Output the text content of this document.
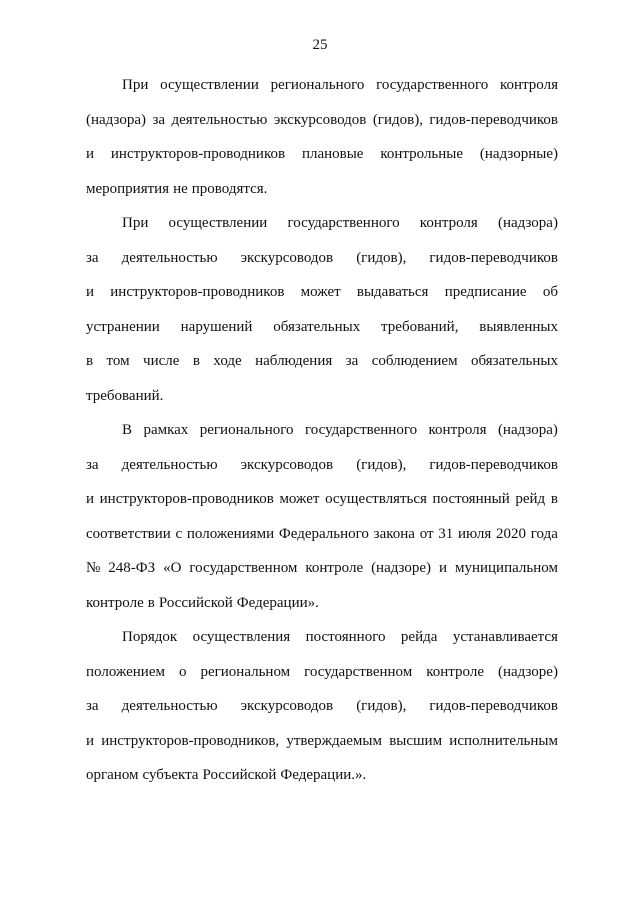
25
При осуществлении регионального государственного контроля
(надзора) за деятельностью экскурсоводов (гидов), гидов-переводчиков
и инструкторов-проводников плановые контрольные (надзорные)
мероприятия не проводятся.
При осуществлении государственного контроля (надзора)
за деятельностью экскурсоводов (гидов), гидов-переводчиков
и инструкторов-проводников может выдаваться предписание об
устранении нарушений обязательных требований, выявленных
в том числе в ходе наблюдения за соблюдением обязательных
требований.
В рамках регионального государственного контроля (надзора)
за деятельностью экскурсоводов (гидов), гидов-переводчиков
и инструкторов-проводников может осуществляться постоянный рейд в
соответствии с положениями Федерального закона от 31 июля 2020 года
№ 248-ФЗ «О государственном контроле (надзоре) и муниципальном
контроле в Российской Федерации».
Порядок осуществления постоянного рейда устанавливается
положением о региональном государственном контроле (надзоре)
за деятельностью экскурсоводов (гидов), гидов-переводчиков
и инструкторов-проводников, утверждаемым высшим исполнительным
органом субъекта Российской Федерации.».
